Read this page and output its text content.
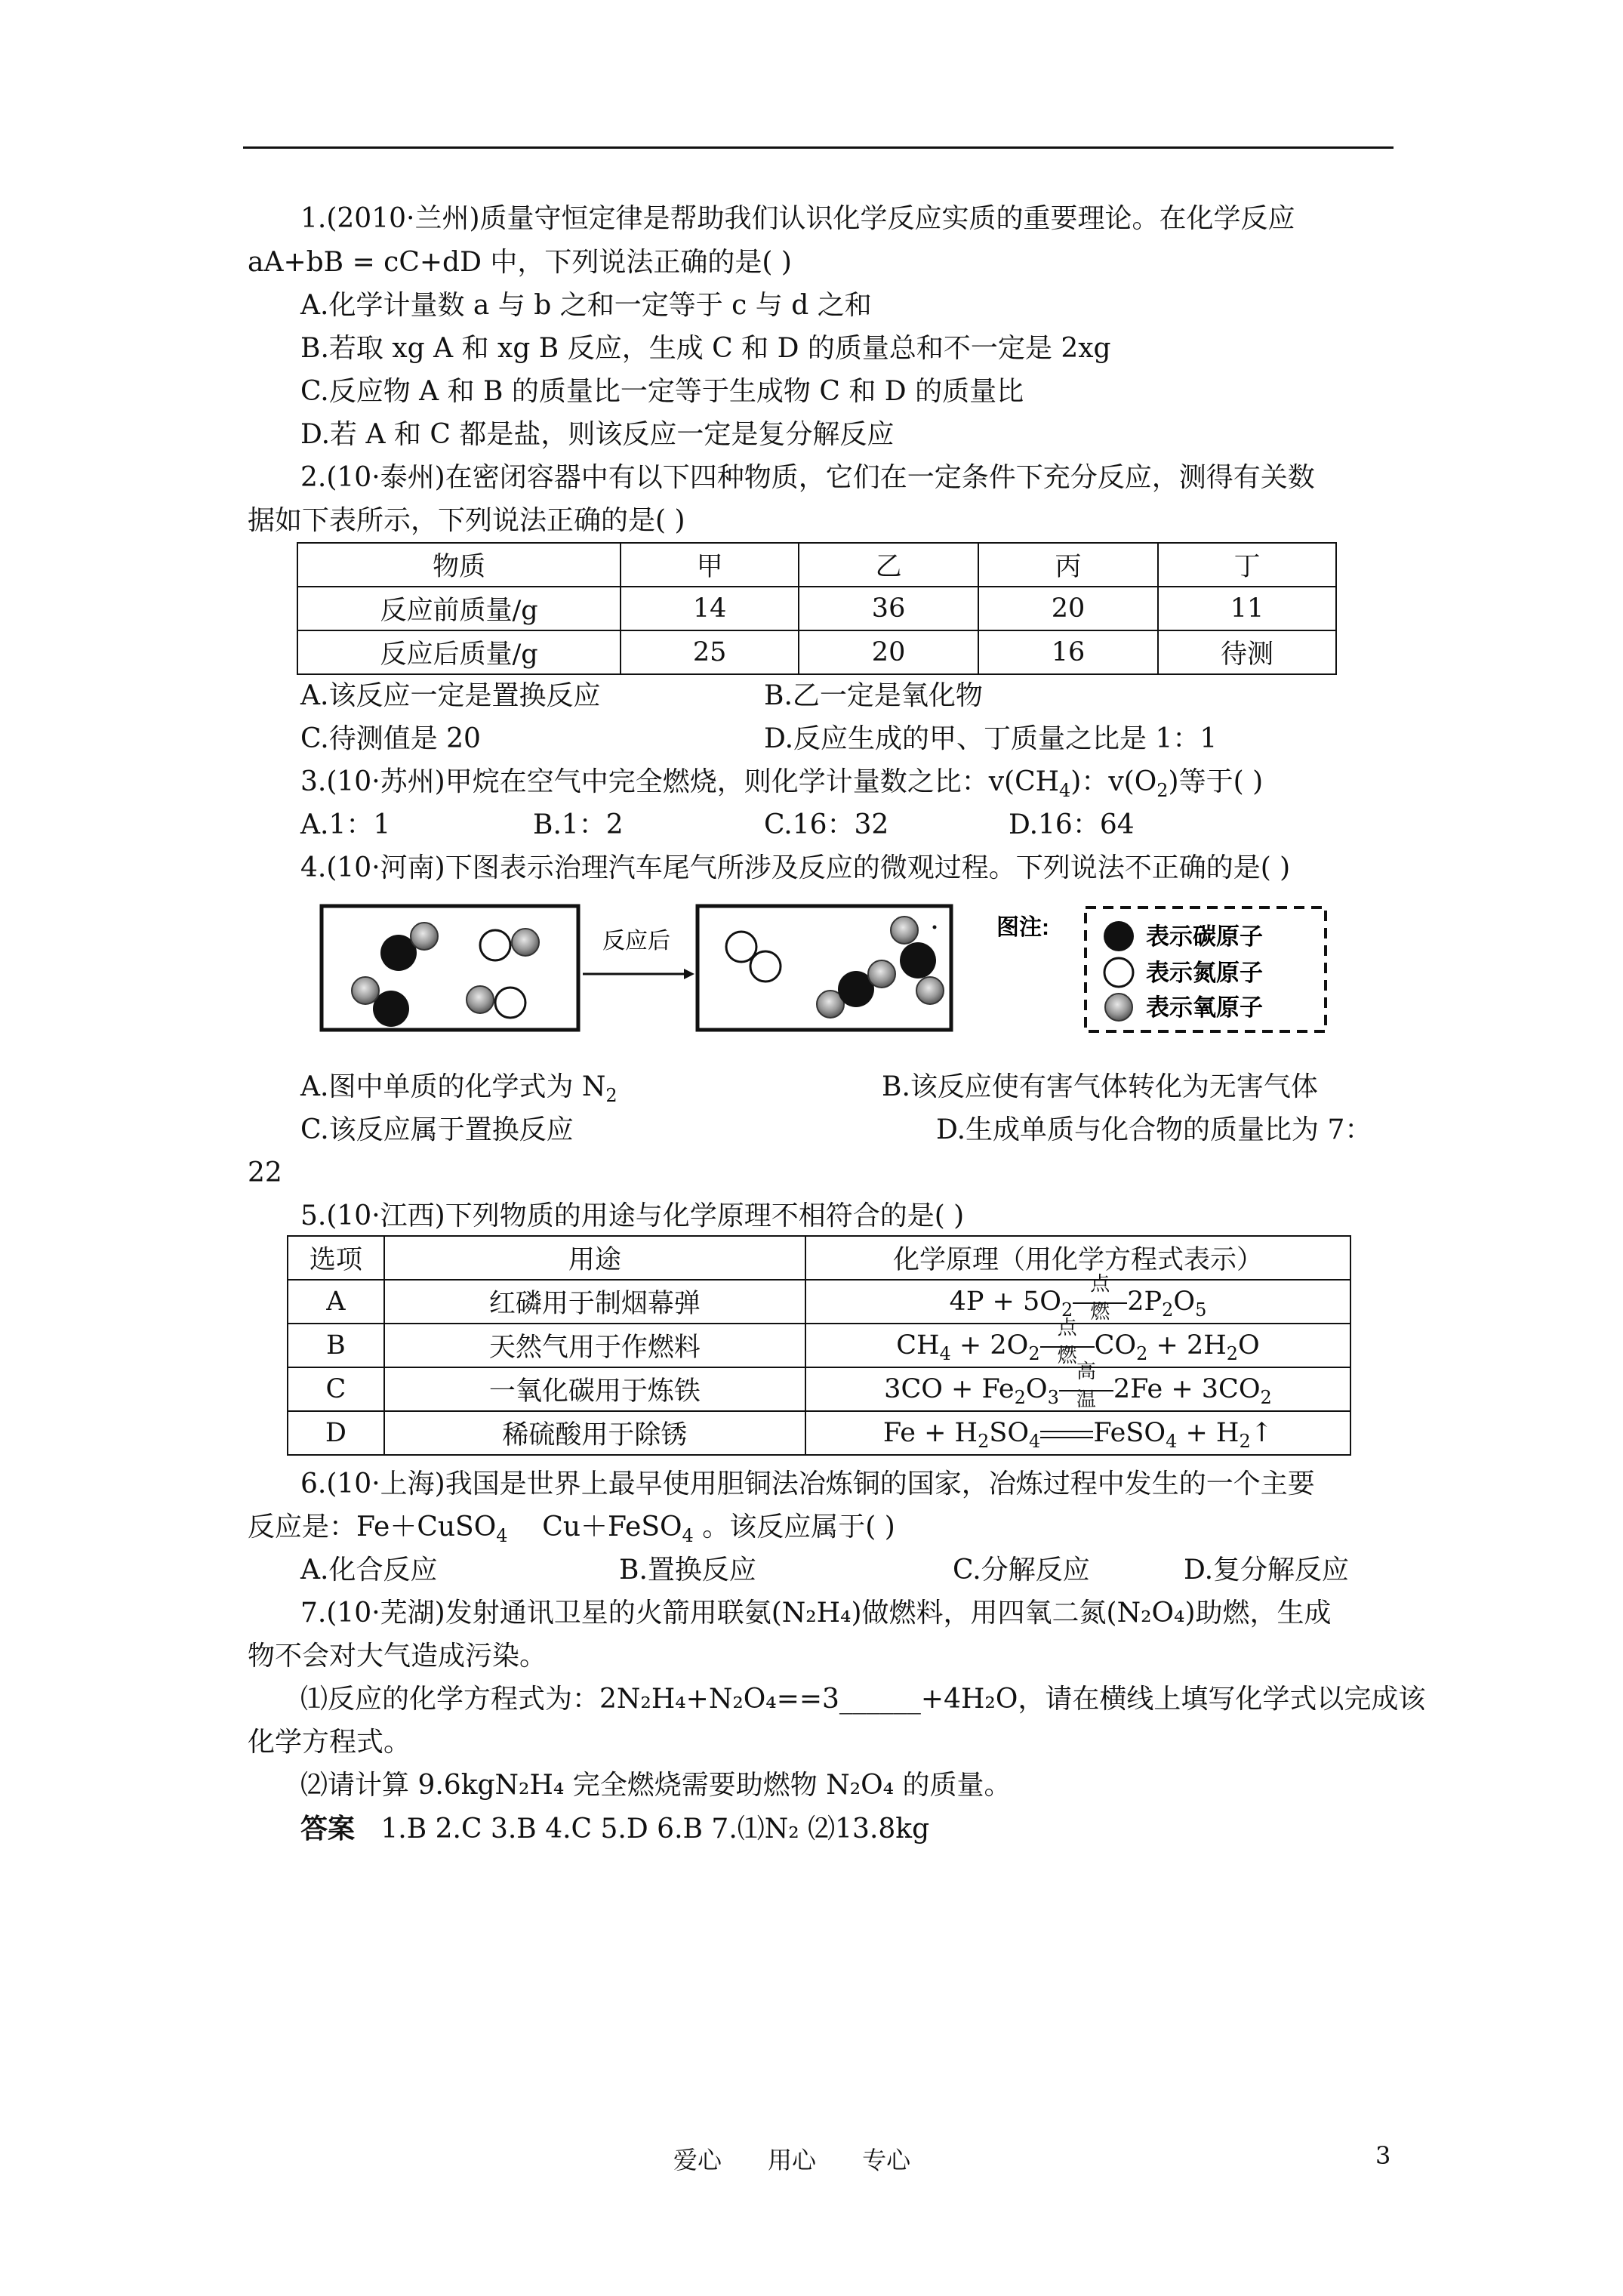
1.(2010·兰州)质量守恒定律是帮助我们认识化学反应实质的重要理论。在化学反应
aA+bB = cC+dD 中，下列说法正确的是( )
A.化学计量数 a 与 b 之和一定等于 c 与 d 之和
B.若取 xg A 和 xg B 反应，生成 C 和 D 的质量总和不一定是 2xg
C.反应物 A 和 B 的质量比一定等于生成物 C 和 D 的质量比
D.若 A 和 C 都是盐，则该反应一定是复分解反应
2.(10·泰州)在密闭容器中有以下四种物质，它们在一定条件下充分反应，测得有关数
据如下表所示，下列说法正确的是( )
物质	甲	乙	丙	丁
反应前质量/g	14	36	20	11
反应后质量/g	25	20	16	待测
A.该反应一定是置换反应	B.乙一定是氧化物
C.待测值是 20	D.反应生成的甲、丁质量之比是 1：1
3.(10·苏州)甲烷在空气中完全燃烧，则化学计量数之比：$v(CH_4)$：$v(O_2)$等于( )
A.1：1	B.1：2	C.16：32	D.16：64
4.(10·河南)下图表示治理汽车尾气所涉及反应的微观过程。下列说法不正确的是( )
反应后
图注:	表示碳原子
表示氮原子
表示氧原子
A.图中单质的化学式为 $N_2$	B.该反应使有害气体转化为无害气体
C.该反应属于置换反应	D.生成单质与化合物的质量比为 7：
22
5.(10·江西)下列物质的用途与化学原理不相符合的是( )
选项	用途	化学原理（用化学方程式表示）
A	红磷用于制烟幕弹	$4P + 5O_2$
点燃 $2P_2O_5$
B	天然气用于作燃料	$CH_4 + 2O_2$
点燃 $CO_2 + 2H_2O$
C	一氧化碳用于炼铁	$3CO + Fe_2O_3$
高温 $2Fe + 3CO_2$
D	稀硫酸用于除锈	$Fe + H_2SO_4$ FeSO$_4$ + $H_2↑$
6.(10·上海)我国是世界上最早使用胆铜法冶炼铜的国家，冶炼过程中发生的一个主要
反应是：Fe＋CuSO$_4$    Cu＋FeSO$_4$ 。该反应属于( )
A.化合反应	B.置换反应	C.分解反应	D.复分解反应
7.(10·芜湖)发射通讯卫星的火箭用联氨(N₂H₄)做燃料，用四氧二氮(N₂O₄)助燃，生成
物不会对大气造成污染。
⑴反应的化学方程式为：2N₂H₄+N₂O₄==3______+4H₂O，请在横线上填写化学式以完成该
化学方程式。
⑵请计算 9.6kgN₂H₄ 完全燃烧需要助燃物 N₂O₄ 的质量。
答案 1.B 2.C 3.B 4.C 5.D 6.B 7.⑴N₂ ⑵13.8kg
爱心      用心      专心	3
